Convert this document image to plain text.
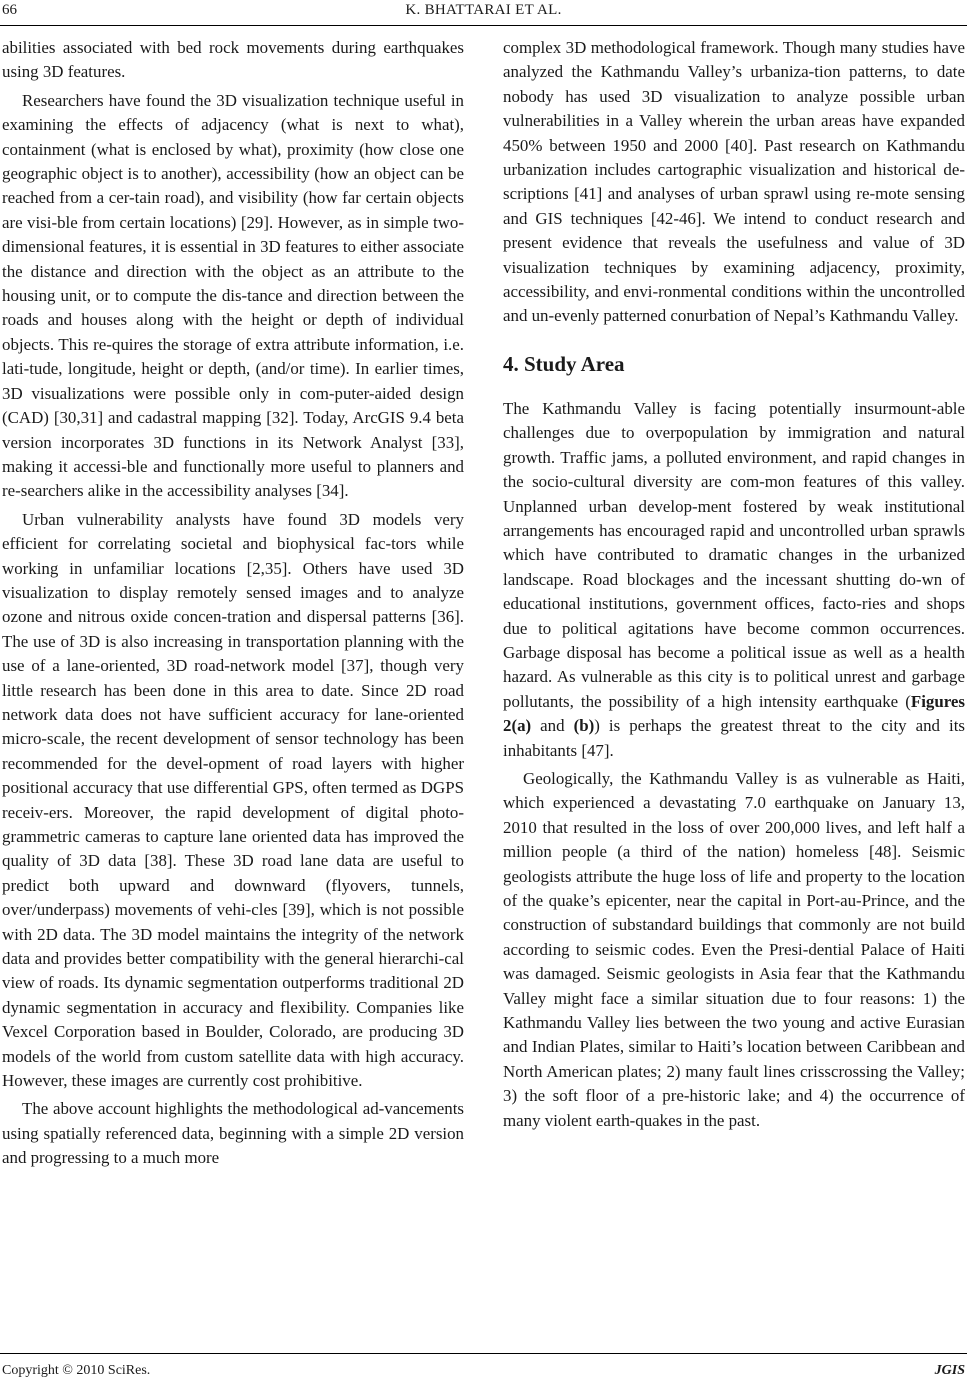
66	K. BHATTARAI ET AL.

abilities associated with bed rock movements during earthquakes using 3D features.

Researchers have found the 3D visualization technique useful in examining the effects of adjacency (what is next to what), containment (what is enclosed by what), proximity (how close one geographic object is to another), accessibility (how an object can be reached from a cer-tain road), and visibility (how far certain objects are visi-ble from certain locations) [29]. However, as in simple two-dimensional features, it is essential in 3D features to either associate the distance and direction with the object as an attribute to the housing unit, or to compute the dis-tance and direction between the roads and houses along with the height or depth of individual objects. This re-quires the storage of extra attribute information, i.e. lati-tude, longitude, height or depth, (and/or time). In earlier times, 3D visualizations were possible only in com-puter-aided design (CAD) [30,31] and cadastral mapping [32]. Today, ArcGIS 9.4 beta version incorporates 3D functions in its Network Analyst [33], making it accessi-ble and functionally more useful to planners and re-searchers alike in the accessibility analyses [34].

Urban vulnerability analysts have found 3D models very efficient for correlating societal and biophysical fac-tors while working in unfamiliar locations [2,35]. Others have used 3D visualization to display remotely sensed images and to analyze ozone and nitrous oxide concen-tration and dispersal patterns [36]. The use of 3D is also increasing in transportation planning with the use of a lane-oriented, 3D road-network model [37], though very little research has been done in this area to date. Since 2D road network data does not have sufficient accuracy for lane-oriented micro-scale, the recent development of sensor technology has been recommended for the devel-opment of road layers with higher positional accuracy that use differential GPS, often termed as DGPS receiv-ers. Moreover, the rapid development of digital photo-grammetric cameras to capture lane oriented data has improved the quality of 3D data [38]. These 3D road lane data are useful to predict both upward and downward (flyovers, tunnels, over/underpass) movements of vehi-cles [39], which is not possible with 2D data. The 3D model maintains the integrity of the network data and provides better compatibility with the general hierarchi-cal view of roads. Its dynamic segmentation outperforms traditional 2D dynamic segmentation in accuracy and flexibility. Companies like Vexcel Corporation based in Boulder, Colorado, are producing 3D models of the world from custom satellite data with high accuracy. However, these images are currently cost prohibitive.

The above account highlights the methodological ad-vancements using spatially referenced data, beginning with a simple 2D version and progressing to a much more

complex 3D methodological framework. Though many studies have analyzed the Kathmandu Valley’s urbaniza-tion patterns, to date nobody has used 3D visualization to analyze possible urban vulnerabilities in a Valley wherein the urban areas have expanded 450% between 1950 and 2000 [40]. Past research on Kathmandu urbanization includes cartographic visualization and historical de-scriptions [41] and analyses of urban sprawl using re-mote sensing and GIS techniques [42-46]. We intend to conduct research and present evidence that reveals the usefulness and value of 3D visualization techniques by examining adjacency, proximity, accessibility, and envi-ronmental conditions within the uncontrolled and un-evenly patterned conurbation of Nepal’s Kathmandu Valley.

4. Study Area

The Kathmandu Valley is facing potentially insurmount-able challenges due to overpopulation by immigration and natural growth. Traffic jams, a polluted environment, and rapid changes in the socio-cultural diversity are com-mon features of this valley. Unplanned urban develop-ment fostered by weak institutional arrangements has encouraged rapid and uncontrolled urban sprawls which have contributed to dramatic changes in the urbanized landscape. Road blockages and the incessant shutting do-wn of educational institutions, government offices, facto-ries and shops due to political agitations have become common occurrences. Garbage disposal has become a political issue as well as a health hazard. As vulnerable as this city is to political unrest and garbage pollutants, the possibility of a high intensity earthquake (Figures 2(a) and (b)) is perhaps the greatest threat to the city and its inhabitants [47].

Geologically, the Kathmandu Valley is as vulnerable as Haiti, which experienced a devastating 7.0 earthquake on January 13, 2010 that resulted in the loss of over 200,000 lives, and left half a million people (a third of the nation) homeless [48]. Seismic geologists attribute the huge loss of life and property to the location of the quake’s epicenter, near the capital in Port-au-Prince, and the construction of substandard buildings that commonly are not build according to seismic codes. Even the Presi-dential Palace of Haiti was damaged. Seismic geologists in Asia fear that the Kathmandu Valley might face a similar situation due to four reasons: 1) the Kathmandu Valley lies between the two young and active Eurasian and Indian Plates, similar to Haiti’s location between Caribbean and North American plates; 2) many fault lines crisscrossing the Valley; 3) the soft floor of a pre-historic lake; and 4) the occurrence of many violent earth-quakes in the past.

Copyright © 2010 SciRes.	JGIS
